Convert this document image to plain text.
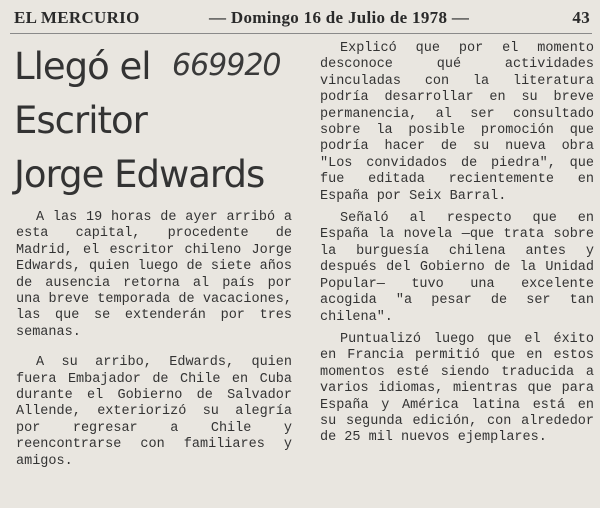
EL MERCURIO	— Domingo 16 de Julio de 1978 —	43
Llegó el
Escritor
Jorge Edwards
669920

A las 19 horas de ayer arribó a esta capital, procedente de Madrid, el escritor chileno Jorge Edwards, quien luego de siete años de ausencia retorna al país por una breve temporada de vacaciones, las que se extenderán por tres semanas.

A su arribo, Edwards, quien fuera Embajador de Chile en Cuba durante el Gobierno de Salvador Allende, exteriorizó su alegría por regresar a Chile y reencontrarse con familiares y amigos.

Explicó que por el momento desconoce qué actividades vinculadas con la literatura podría desarrollar en su breve permanencia, al ser consultado sobre la posible promoción que podría hacer de su nueva obra "Los convidados de piedra", que fue editada recientemente en España por Seix Barral.

Señaló al respecto que en España la novela —que trata sobre la burguesía chilena antes y después del Gobierno de la Unidad Popular— tuvo una excelente acogida "a pesar de ser tan chilena".

Puntualizó luego que el éxito en Francia permitió que en estos momentos esté siendo traducida a varios idiomas, mientras que para España y América latina está en su segunda edición, con alrededor de 25 mil nuevos ejemplares.
